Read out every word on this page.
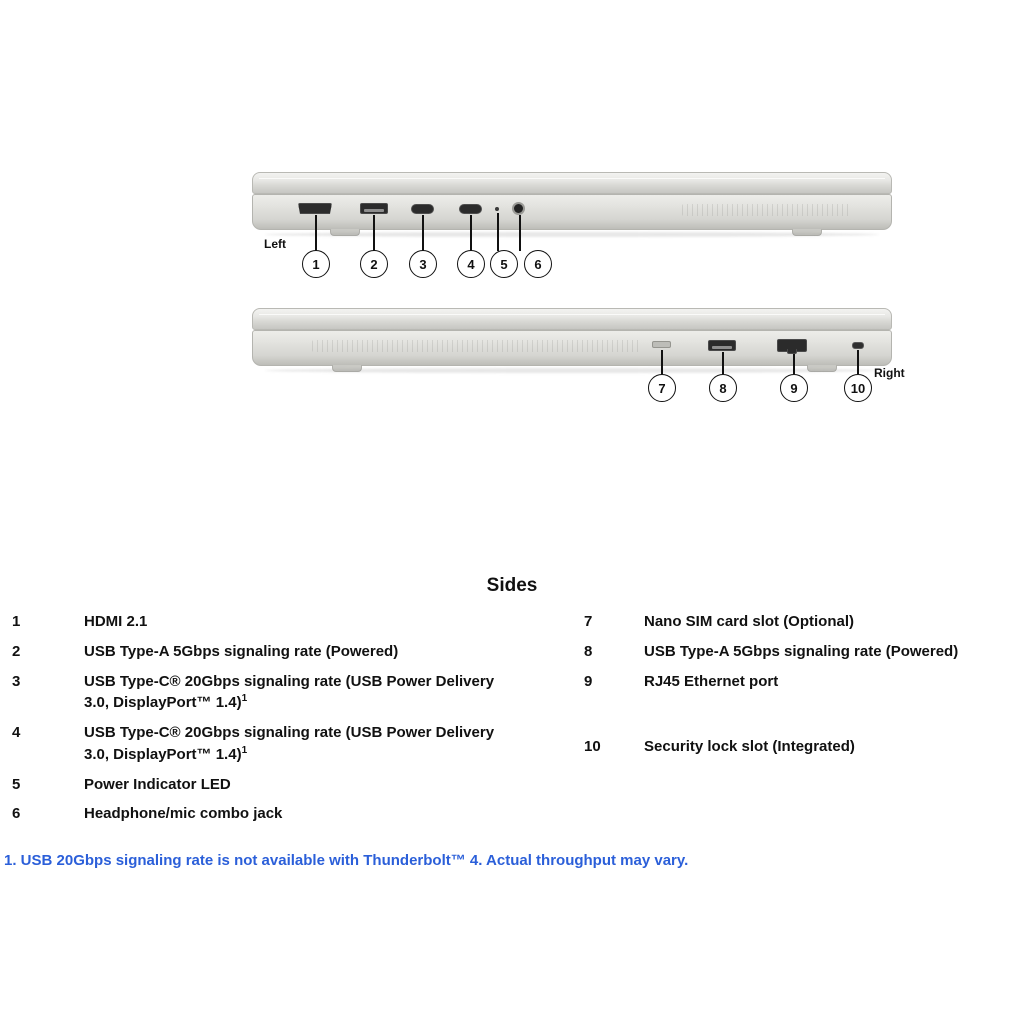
Left
1	2	3	4	5	6
Right
7	8	9	10
Sides
1	HDMI 2.1
2	USB Type-A 5Gbps signaling rate (Powered)
3	USB Type-C® 20Gbps signaling rate (USB Power Delivery 3.0, DisplayPort™ 1.4)$^1$
4	USB Type-C® 20Gbps signaling rate (USB Power Delivery 3.0, DisplayPort™ 1.4)$^1$
5	Power Indicator LED
6	Headphone/mic combo jack
7	Nano SIM card slot (Optional)
8	USB Type-A 5Gbps signaling rate (Powered)
9	RJ45 Ethernet port
10	Security lock slot (Integrated)
1. USB 20Gbps signaling rate is not available with Thunderbolt™ 4. Actual throughput may vary.
